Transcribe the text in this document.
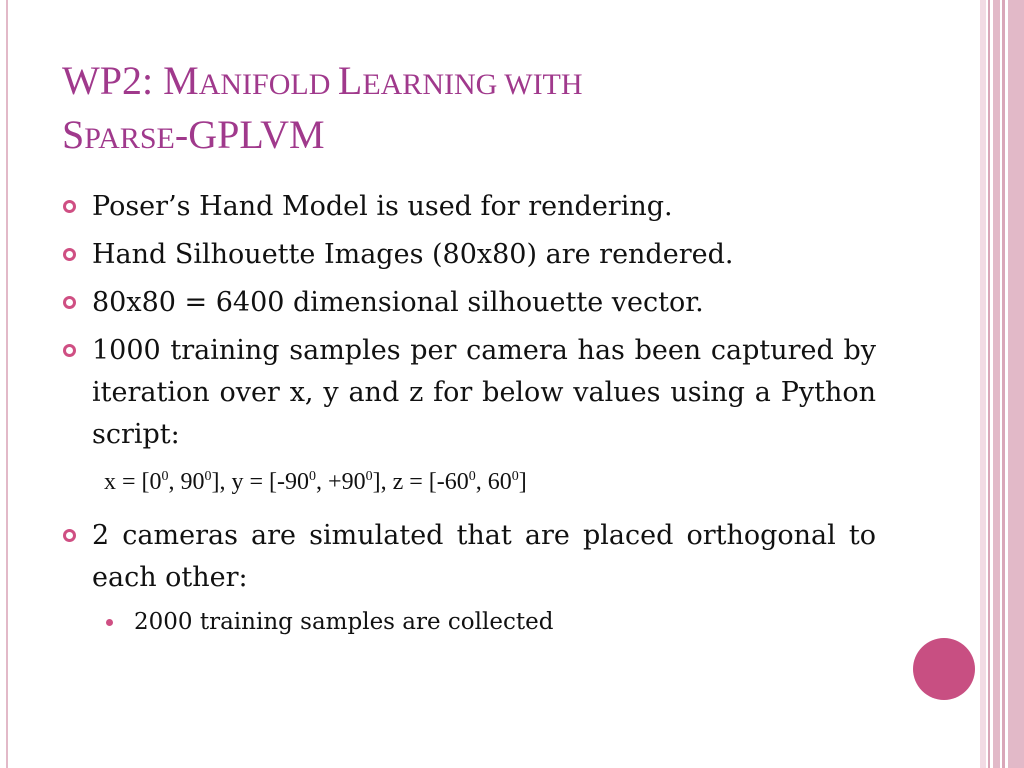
WP2: MANIFOLD LEARNING WITH
SPARSE-GPLVM
Poser’s Hand Model is used for rendering.
Hand Silhouette Images (80x80) are rendered.
80x80 = 6400 dimensional silhouette vector.
1000 training samples per camera has been captured by iteration over x, y and z for below values using a Python script:
$x = [0^0$, $90^0$], $y = [-90^0$, $+90^0$], $z = [-60^0$, $60^0$]
2 cameras are simulated that are placed orthogonal to each other:
2000 training samples are collected
